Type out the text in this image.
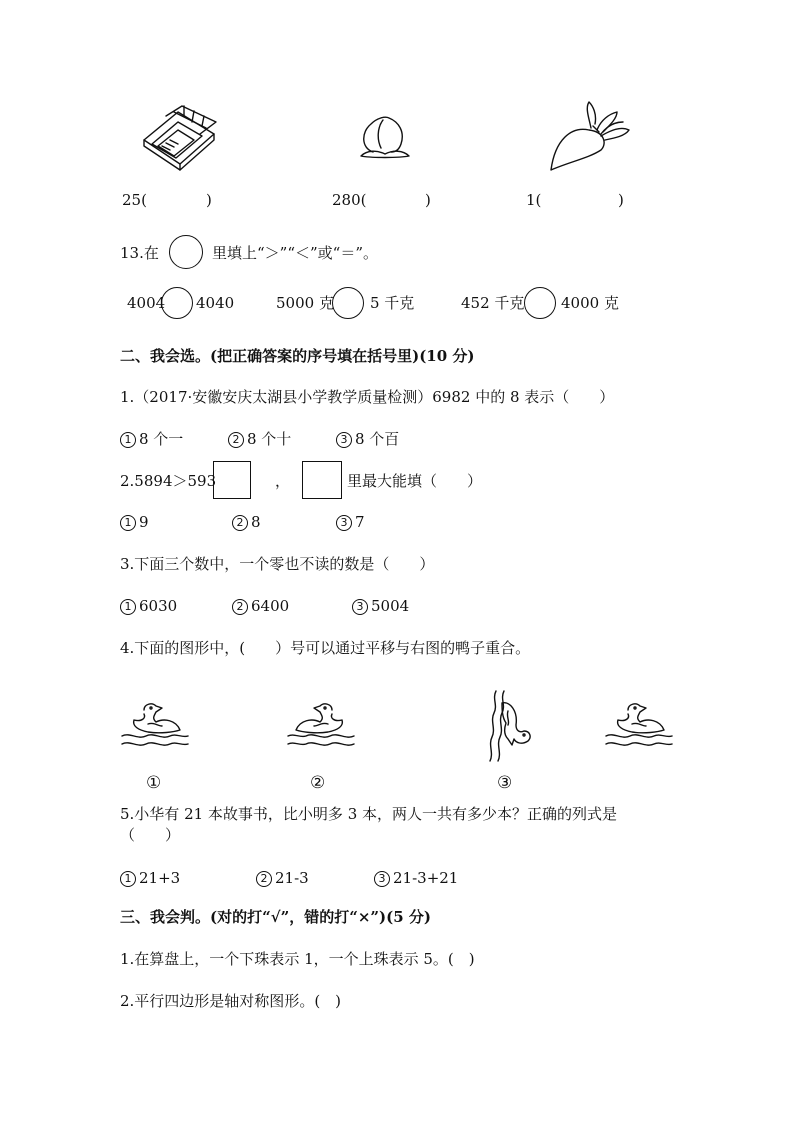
25(	)	280(	)	1(	)
13.在	里填上“＞”“＜”或“＝”。
4004 4040	5000 克 5 千克	452 千克 4000 克
二、我会选。(把正确答案的序号填在括号里)(10 分)
1.（2017·安徽安庆太湖县小学教学质量检测）6982 中的 8 表示（　　）
1 8 个一	2 8 个十	3 8 个百
2.5894＞593	，	里最大能填（　　）
1 9	2 8	3 7
3.下面三个数中，一个零也不读的数是（　　）
1 6030	2 6400	3 5004
4.下面的图形中，(　　）号可以通过平移与右图的鸭子重合。
①	②	③
5.小华有 21 本故事书，比小明多 3 本，两人一共有多少本？正确的列式是
（　　）
1 21+3	2 21-3	3 21-3+21
三、我会判。(对的打“√”，错的打“×”)(5 分)
1.在算盘上，一个下珠表示 1，一个上珠表示 5。(　)
2.平行四边形是轴对称图形。(　)
